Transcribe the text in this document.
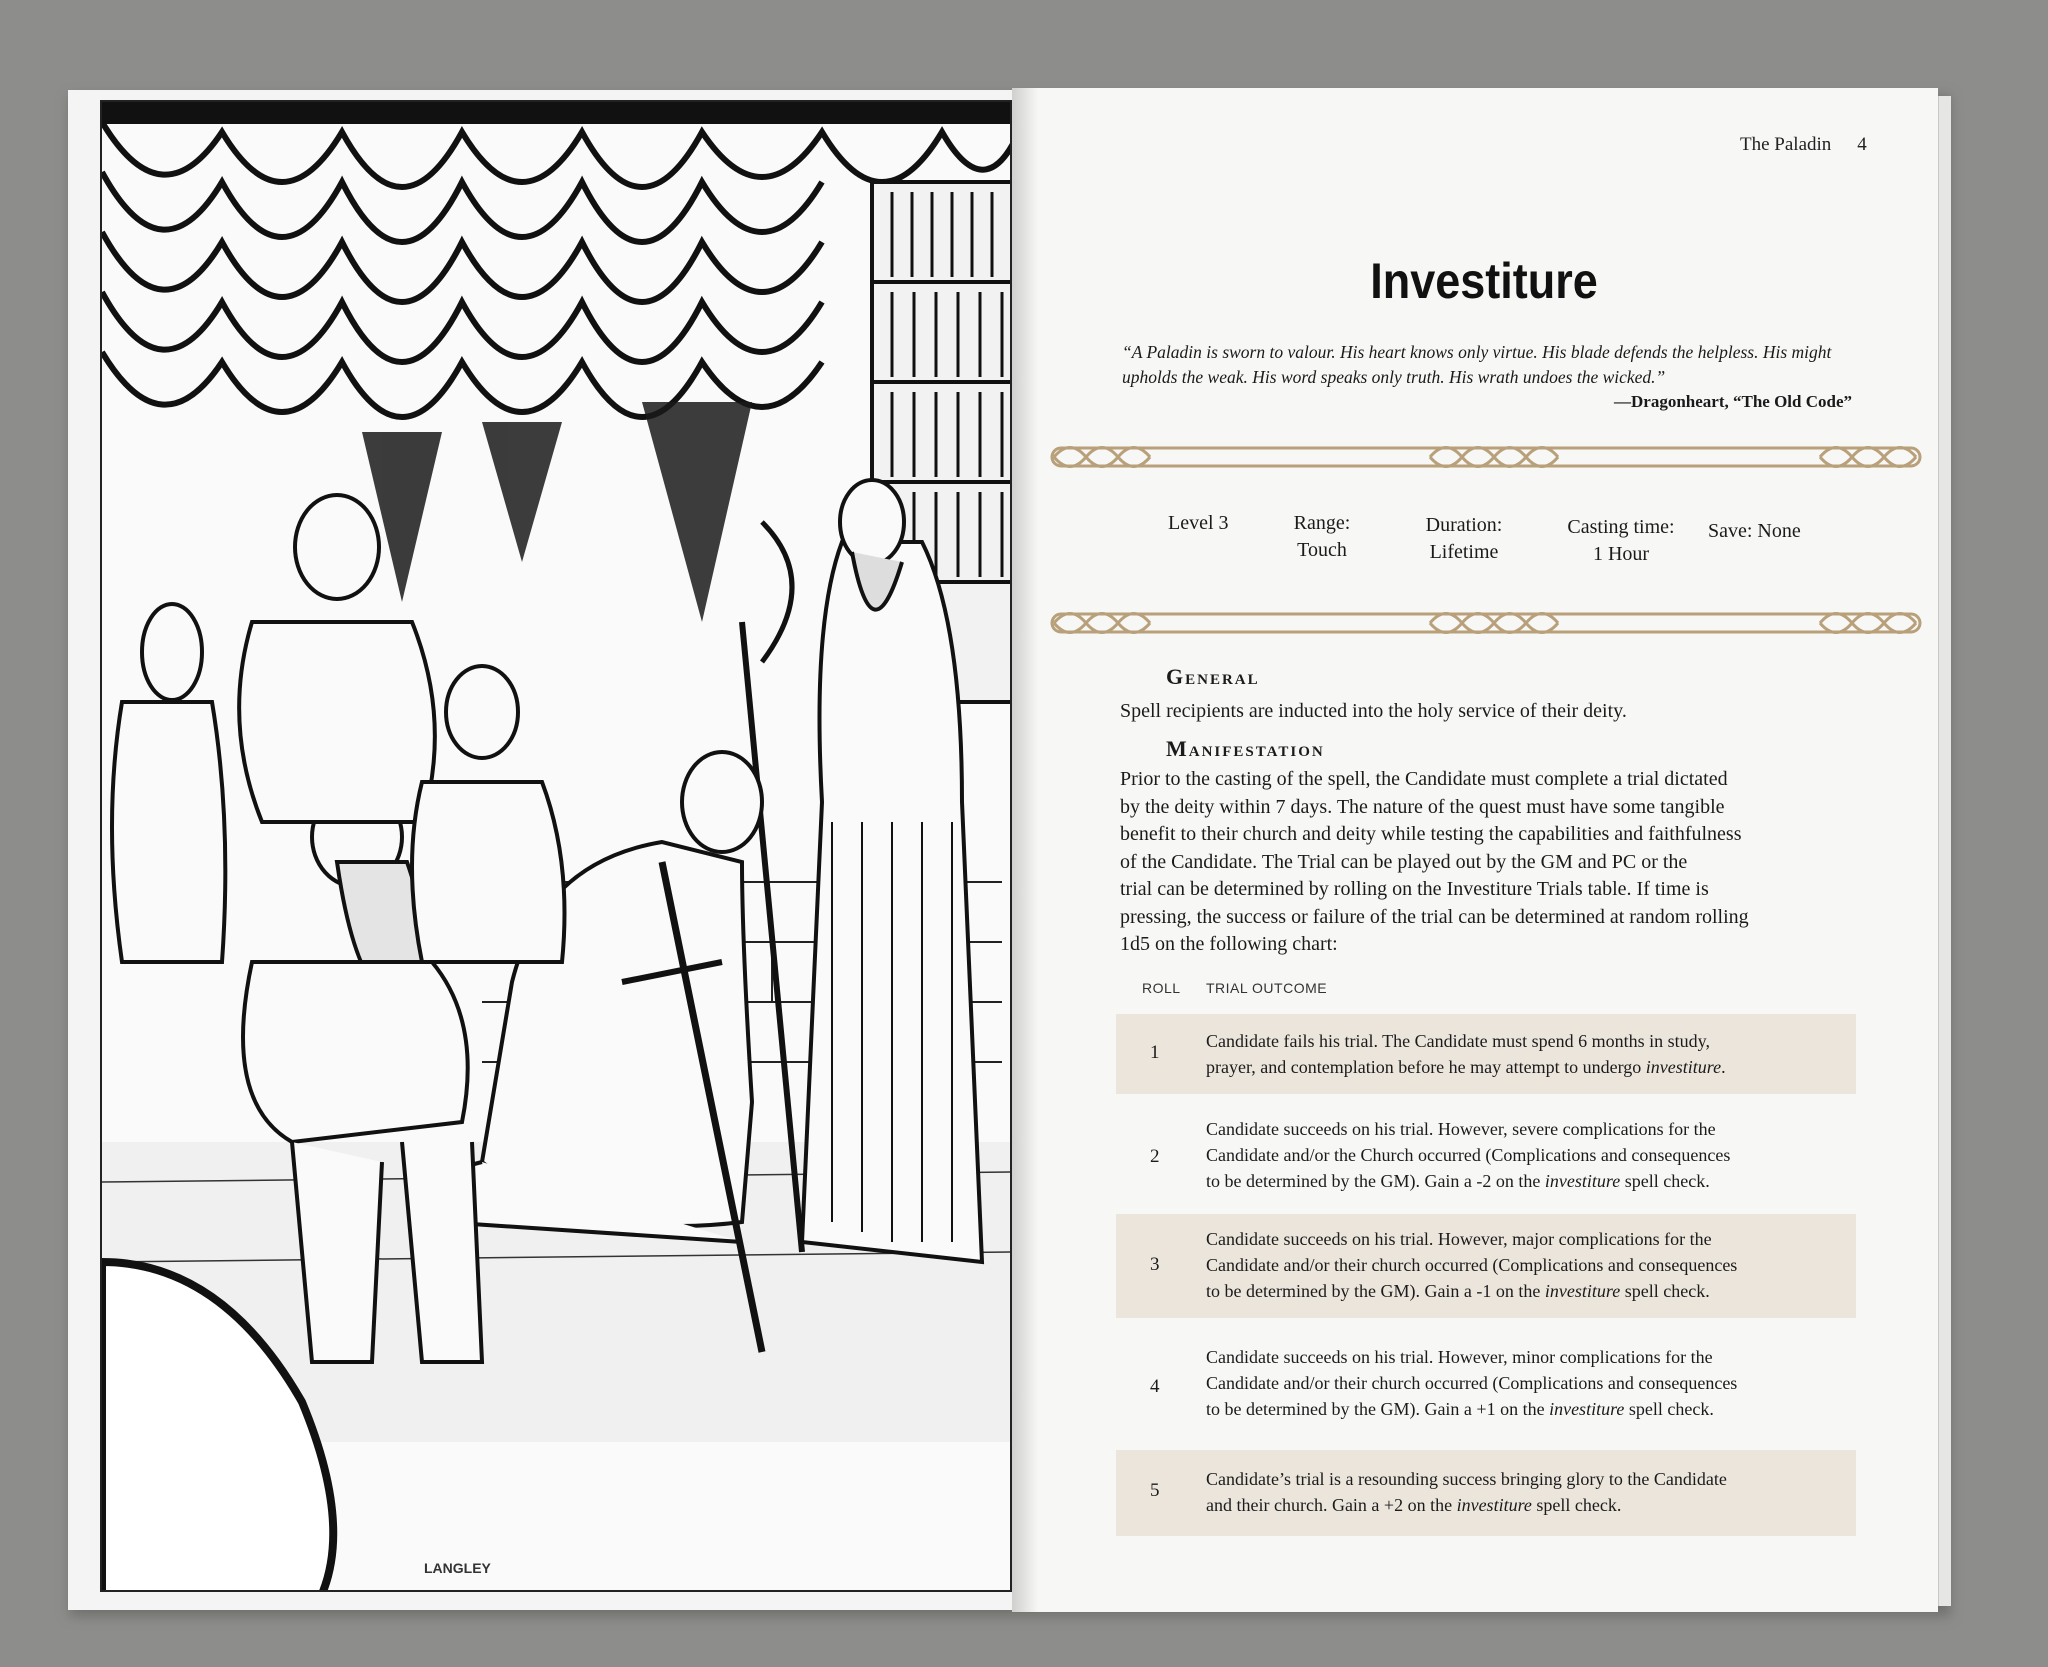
LANGLEY
The Paladin 4
Investiture
“A Paladin is sworn to valour. His heart knows only virtue. His blade defends the helpless. His might upholds the weak. His word speaks only truth. His wrath undoes the wicked.”
—Dragonheart, “The Old Code”
Level 3	Range:
Touch
Duration:
Lifetime
Casting time:
1 Hour
Save: None
General
Spell recipients are inducted into the holy service of their deity.
Manifestation
Prior to the casting of the spell, the Candidate must complete a trial dictated
by the deity within 7 days. The nature of the quest must have some tangible
benefit to their church and deity while testing the capabilities and faithfulness
of the Candidate. The Trial can be played out by the GM and PC or the
trial can be determined by rolling on the Investiture Trials table. If time is
pressing, the success or failure of the trial can be determined at random rolling
1d5 on the following chart:
ROLL TRIAL OUTCOME
1
Candidate fails his trial. The Candidate must spend 6 months in study,
prayer, and contemplation before he may attempt to undergo investiture.
2
Candidate succeeds on his trial. However, severe complications for the
Candidate and/or the Church occurred (Complications and consequences
to be determined by the GM). Gain a -2 on the investiture spell check.
3
Candidate succeeds on his trial. However, major complications for the
Candidate and/or their church occurred (Complications and consequences
to be determined by the GM). Gain a -1 on the investiture spell check.
4
Candidate succeeds on his trial. However, minor complications for the
Candidate and/or their church occurred (Complications and consequences
to be determined by the GM). Gain a +1 on the investiture spell check.
5
Candidate’s trial is a resounding success bringing glory to the Candidate
and their church. Gain a +2 on the investiture spell check.
